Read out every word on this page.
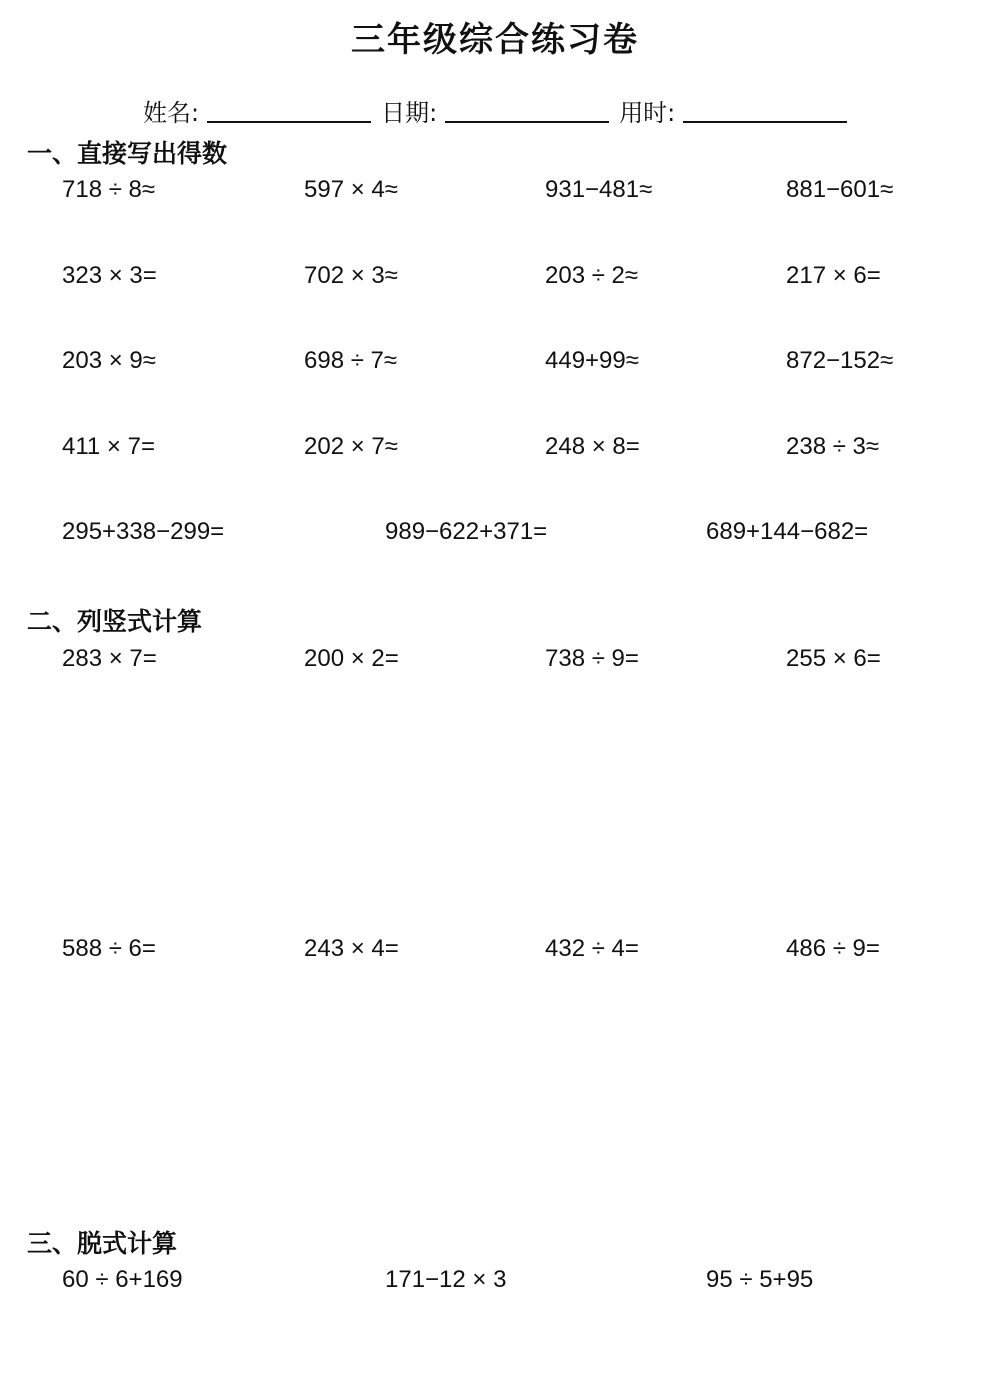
三年级综合练习卷
姓名:	日期:	用时:
一、直接写出得数
718 ÷ 8≈	597 × 4≈	931−481≈	881−601≈
323 × 3=	702 × 3≈	203 ÷ 2≈	217 × 6=
203 × 9≈	698 ÷ 7≈	449+99≈	872−152≈
411 × 7=	202 × 7≈	248 × 8=	238 ÷ 3≈
295+338−299=	989−622+371=	689+144−682=
二、列竖式计算
283 × 7=	200 × 2=	738 ÷ 9=	255 × 6=
588 ÷ 6=	243 × 4=	432 ÷ 4=	486 ÷ 9=
三、脱式计算
60 ÷ 6+169	171−12 × 3	95 ÷ 5+95
